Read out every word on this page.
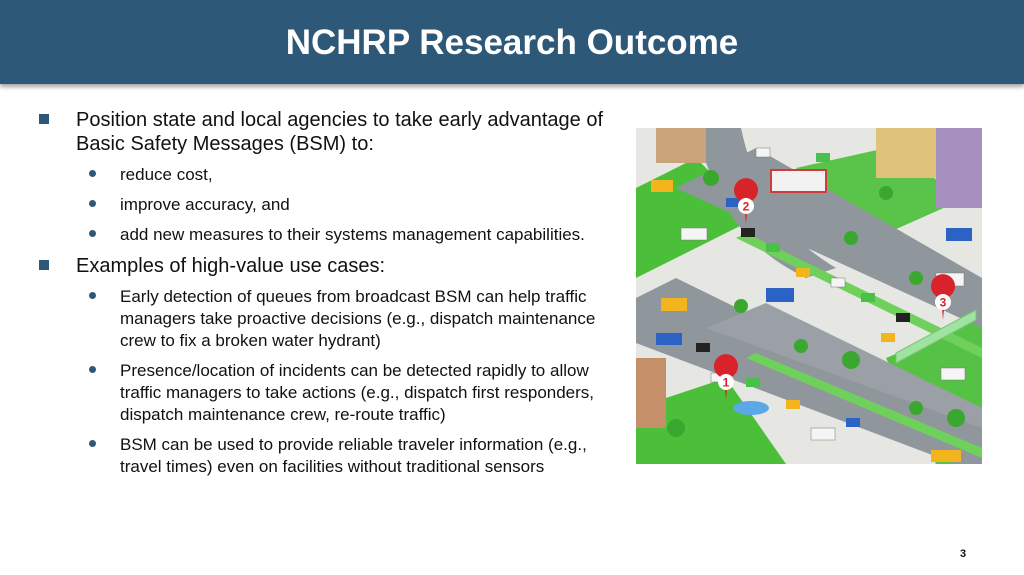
NCHRP Research Outcome
Position state and local agencies to take early advantage of Basic Safety Messages (BSM) to:
reduce cost,
improve accuracy, and
add new measures to their systems management capabilities.
Examples of high-value use cases:
Early detection of queues from broadcast BSM can help traffic managers take proactive decisions (e.g., dispatch maintenance crew to fix a broken water hydrant)
Presence/location of incidents can be detected rapidly to allow traffic managers to take actions (e.g., dispatch first responders, dispatch maintenance crew, re-route traffic)
BSM can be used to provide reliable traveler information (e.g., travel times) even on facilities without traditional sensors
1
2
3
3
